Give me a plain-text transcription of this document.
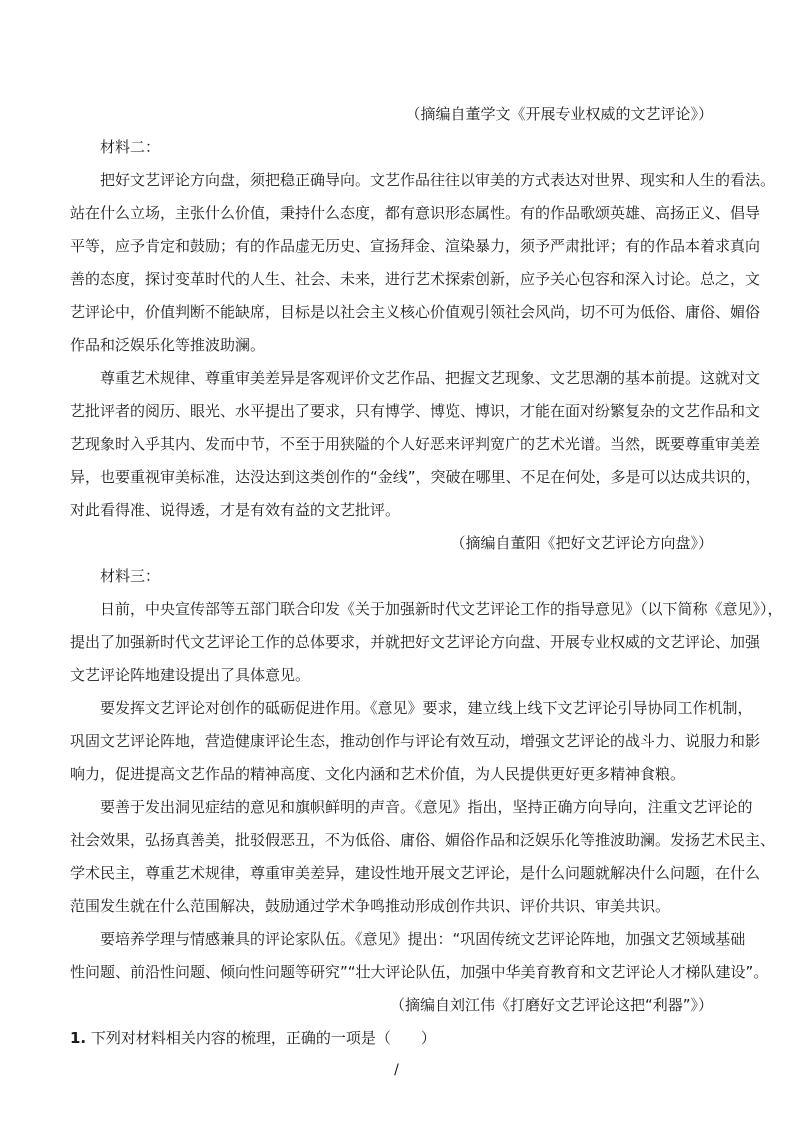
（摘编自董学文《开展专业权威的文艺评论》）
材料二：
把好文艺评论方向盘，须把稳正确导向。文艺作品往往以审美的方式表达对世界、现实和人生的看法。
站在什么立场，主张什么价值，秉持什么态度，都有意识形态属性。有的作品歌颂英雄、高扬正义、倡导
平等，应予肯定和鼓励；有的作品虚无历史、宣扬拜金、渲染暴力，须予严肃批评；有的作品本着求真向
善的态度，探讨变革时代的人生、社会、未来，进行艺术探索创新，应予关心包容和深入讨论。总之，文
艺评论中，价值判断不能缺席，目标是以社会主义核心价值观引领社会风尚，切不可为低俗、庸俗、媚俗
作品和泛娱乐化等推波助澜。
尊重艺术规律、尊重审美差异是客观评价文艺作品、把握文艺现象、文艺思潮的基本前提。这就对文
艺批评者的阅历、眼光、水平提出了要求，只有博学、博览、博识，才能在面对纷繁复杂的文艺作品和文
艺现象时入乎其内、发而中节，不至于用狭隘的个人好恶来评判宽广的艺术光谱。当然，既要尊重审美差
异，也要重视审美标准，达没达到这类创作的“金线”，突破在哪里、不足在何处，多是可以达成共识的，
对此看得准、说得透，才是有效有益的文艺批评。
（摘编自董阳《把好文艺评论方向盘》）
材料三：
日前，中央宣传部等五部门联合印发《关于加强新时代文艺评论工作的指导意见》（以下简称《意见》），
提出了加强新时代文艺评论工作的总体要求，并就把好文艺评论方向盘、开展专业权威的文艺评论、加强
文艺评论阵地建设提出了具体意见。
要发挥文艺评论对创作的砥砺促进作用。《意见》要求，建立线上线下文艺评论引导协同工作机制，
巩固文艺评论阵地，营造健康评论生态，推动创作与评论有效互动，增强文艺评论的战斗力、说服力和影
响力，促进提高文艺作品的精神高度、文化内涵和艺术价值，为人民提供更好更多精神食粮。
要善于发出洞见症结的意见和旗帜鲜明的声音。《意见》指出，坚持正确方向导向，注重文艺评论的
社会效果，弘扬真善美，批驳假恶丑，不为低俗、庸俗、媚俗作品和泛娱乐化等推波助澜。发扬艺术民主、
学术民主，尊重艺术规律，尊重审美差异，建设性地开展文艺评论，是什么问题就解决什么问题，在什么
范围发生就在什么范围解决，鼓励通过学术争鸣推动形成创作共识、评价共识、审美共识。
要培养学理与情感兼具的评论家队伍。《意见》提出：“巩固传统文艺评论阵地，加强文艺领域基础
性问题、前沿性问题、倾向性问题等研究”“壮大评论队伍，加强中华美育教育和文艺评论人才梯队建设”。
（摘编自刘江伟《打磨好文艺评论这把“利器”》）
1. 下列对材料相关内容的梳理，正确的一项是（　　）
/
